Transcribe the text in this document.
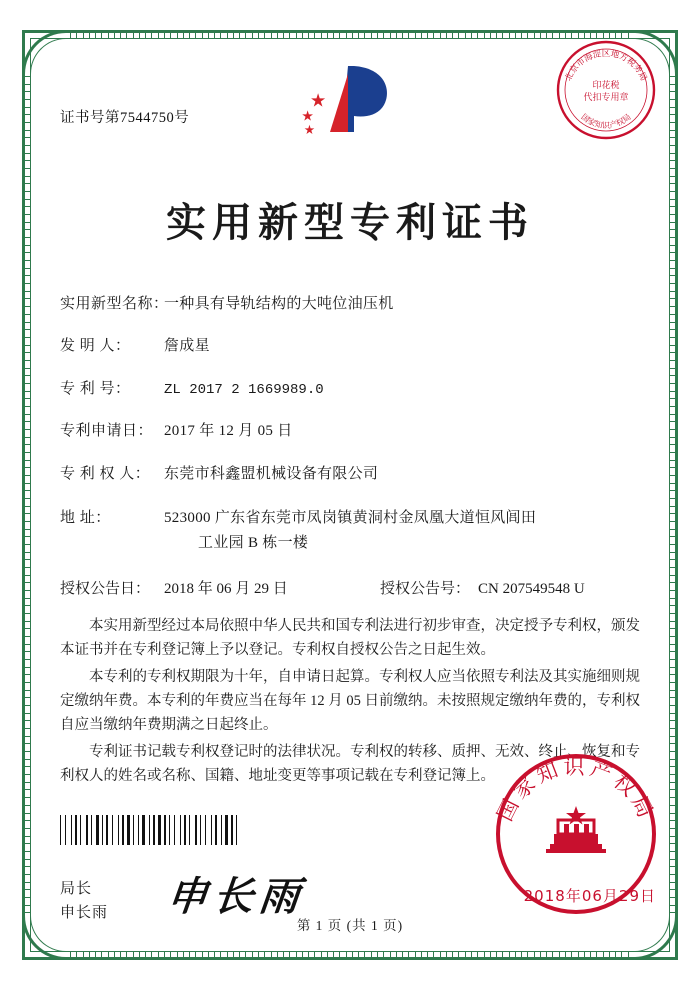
北京市海淀区地方税务局
国家知识产权局
印花税
代扣专用章
证书号第7544750号
实用新型专利证书
实用新型名称：
一种具有导轨结构的大吨位油压机
发 明 人：	詹成星
专 利 号：	ZL 2017 2 1669989.0
专利申请日： 2017 年 12 月 05 日
专 利 权 人： 东莞市科鑫盟机械设备有限公司
地 址：	523000 广东省东莞市凤岗镇黄洞村金凤凰大道恒风闾田
工业园 B 栋一楼
授权公告日： 2018 年 06 月 29 日	授权公告号： CN 207549548 U

本实用新型经过本局依照中华人民共和国专利法进行初步审查，决定授予专利权，颁发本证书并在专利登记簿上予以登记。专利权自授权公告之日起生效。

本专利的专利权期限为十年，自申请日起算。专利权人应当依照专利法及其实施细则规定缴纳年费。本专利的年费应当在每年 12 月 05 日前缴纳。未按照规定缴纳年费的，专利权自应当缴纳年费期满之日起终止。

专利证书记载专利权登记时的法律状况。专利权的转移、质押、无效、终止、恢复和专利权人的姓名或名称、国籍、地址变更等事项记载在专利登记簿上。

局长
申长雨 申长雨
国家知识产权局
2018年06月29日
第 1 页 (共 1 页)
